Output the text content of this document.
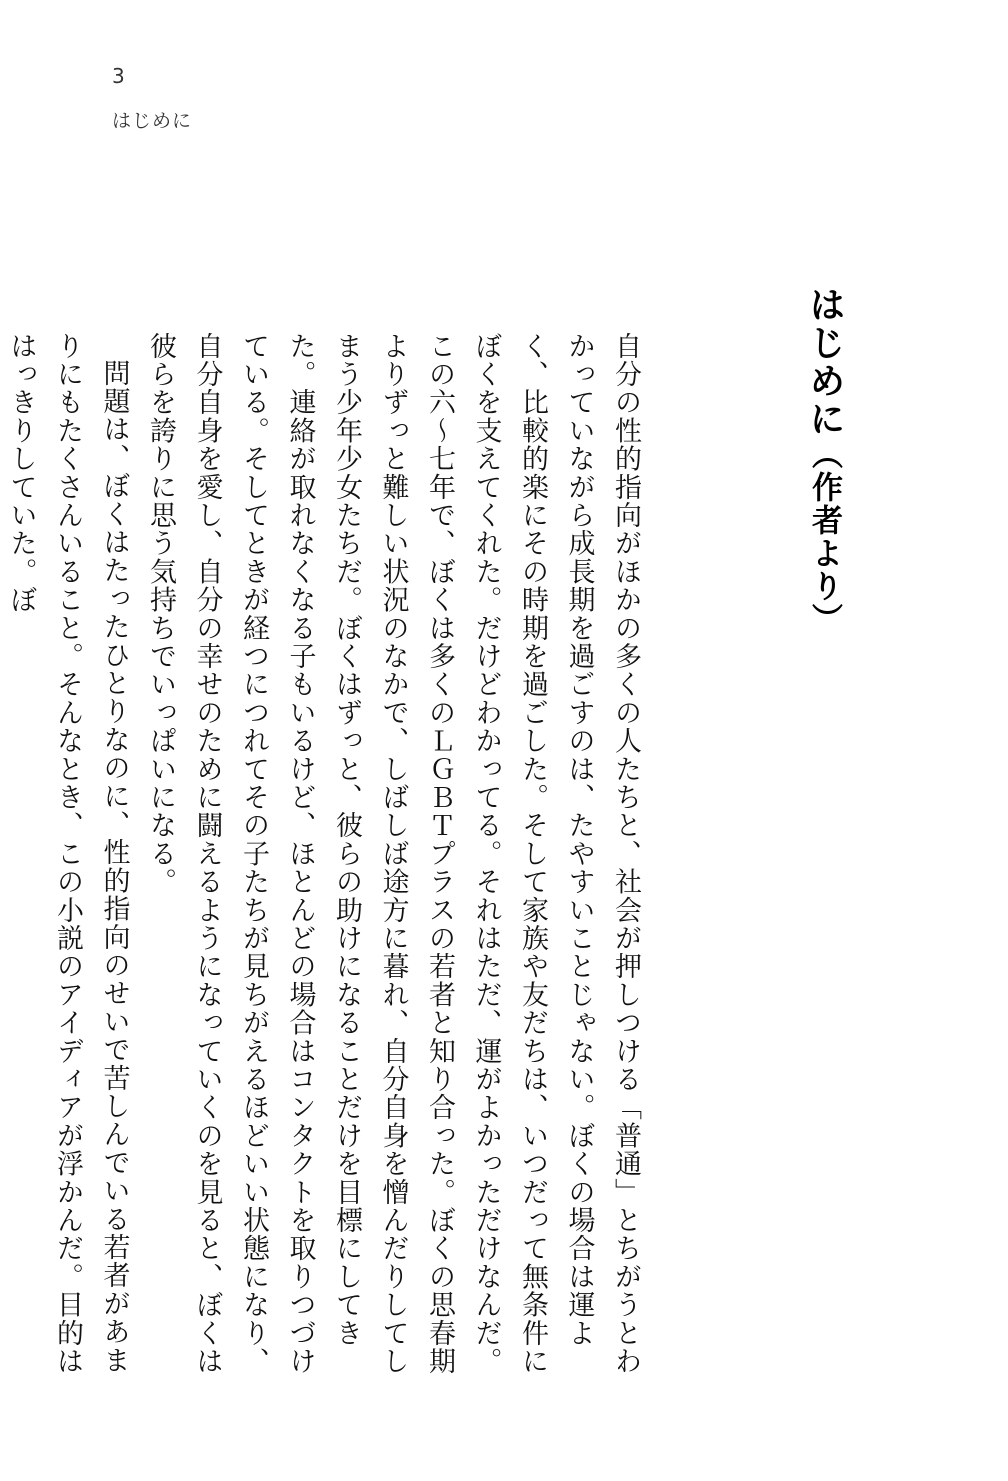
3
はじめに
はじめに（作者より）

自分の性的指向がほかの多くの人たちと、社会が押しつける「普通」とちがうとわかっていながら成長期を過ごすのは、たやすいことじゃない。ぼくの場合は運よく、比較的楽にその時期を過ごした。そして家族や友だちは、いつだって無条件にぼくを支えてくれた。だけどわかってる。それはただ、運がよかっただけなんだ。この六〜七年で、ぼくは多くのＬＧＢＴプラスの若者と知り合った。ぼくの思春期よりずっと難しい状況のなかで、しばしば途方に暮れ、自分自身を憎んだりしてしまう少年少女たちだ。ぼくはずっと、彼らの助けになることだけを目標にしてきた。連絡が取れなくなる子もいるけど、ほとんどの場合はコンタクトを取りつづけている。そしてときが経つにつれてその子たちが見ちがえるほどいい状態になり、自分自身を愛し、自分の幸せのために闘えるようになっていくのを見ると、ぼくは彼らを誇りに思う気持ちでいっぱいになる。

問題は、ぼくはたったひとりなのに、性的指向のせいで苦しんでいる若者があまりにもたくさんいること。そんなとき、この小説のアイディアが浮かんだ。目的ははっきりしていた。ぼ
